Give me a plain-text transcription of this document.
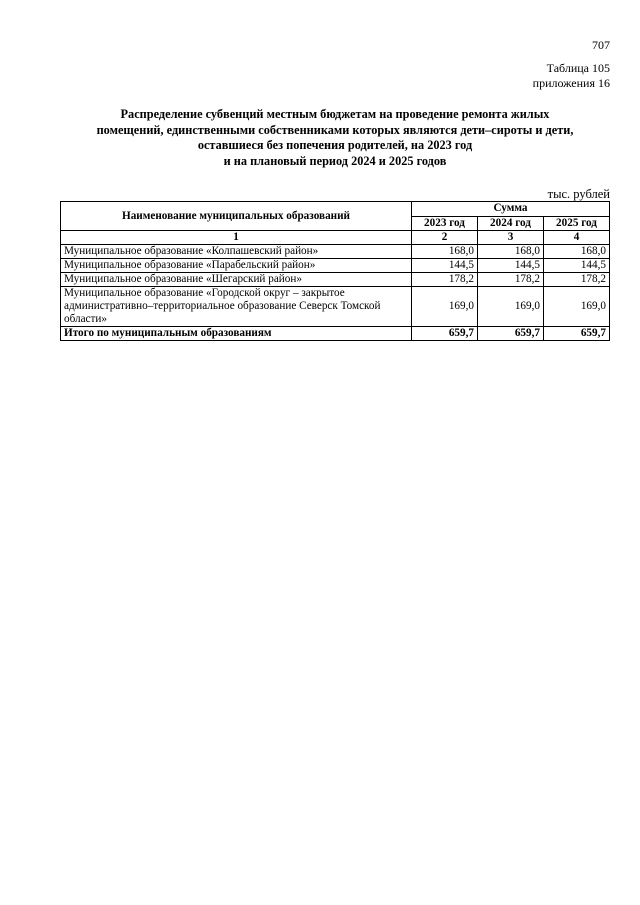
707
Таблица 105
приложения 16
Распределение субвенций местным бюджетам на проведение ремонта жилых
помещений, единственными собственниками которых являются дети–сироты и дети,
оставшиеся без попечения родителей, на 2023 год
и на плановый период 2024 и 2025 годов
тыс. рублей
Наименование муниципальных образований	Сумма		
	2023 год	2024 год	2025 год
1	2	3	4
Муниципальное образование «Колпашевский район»	168,0	168,0	168,0
Муниципальное образование «Парабельский район»	144,5	144,5	144,5
Муниципальное образование «Шегарский район»	178,2	178,2	178,2
Муниципальное образование «Городской округ – закрытое административно–территориальное образование Северск Томской области»	169,0	169,0	169,0
Итого по муниципальным образованиям	659,7	659,7	659,7
